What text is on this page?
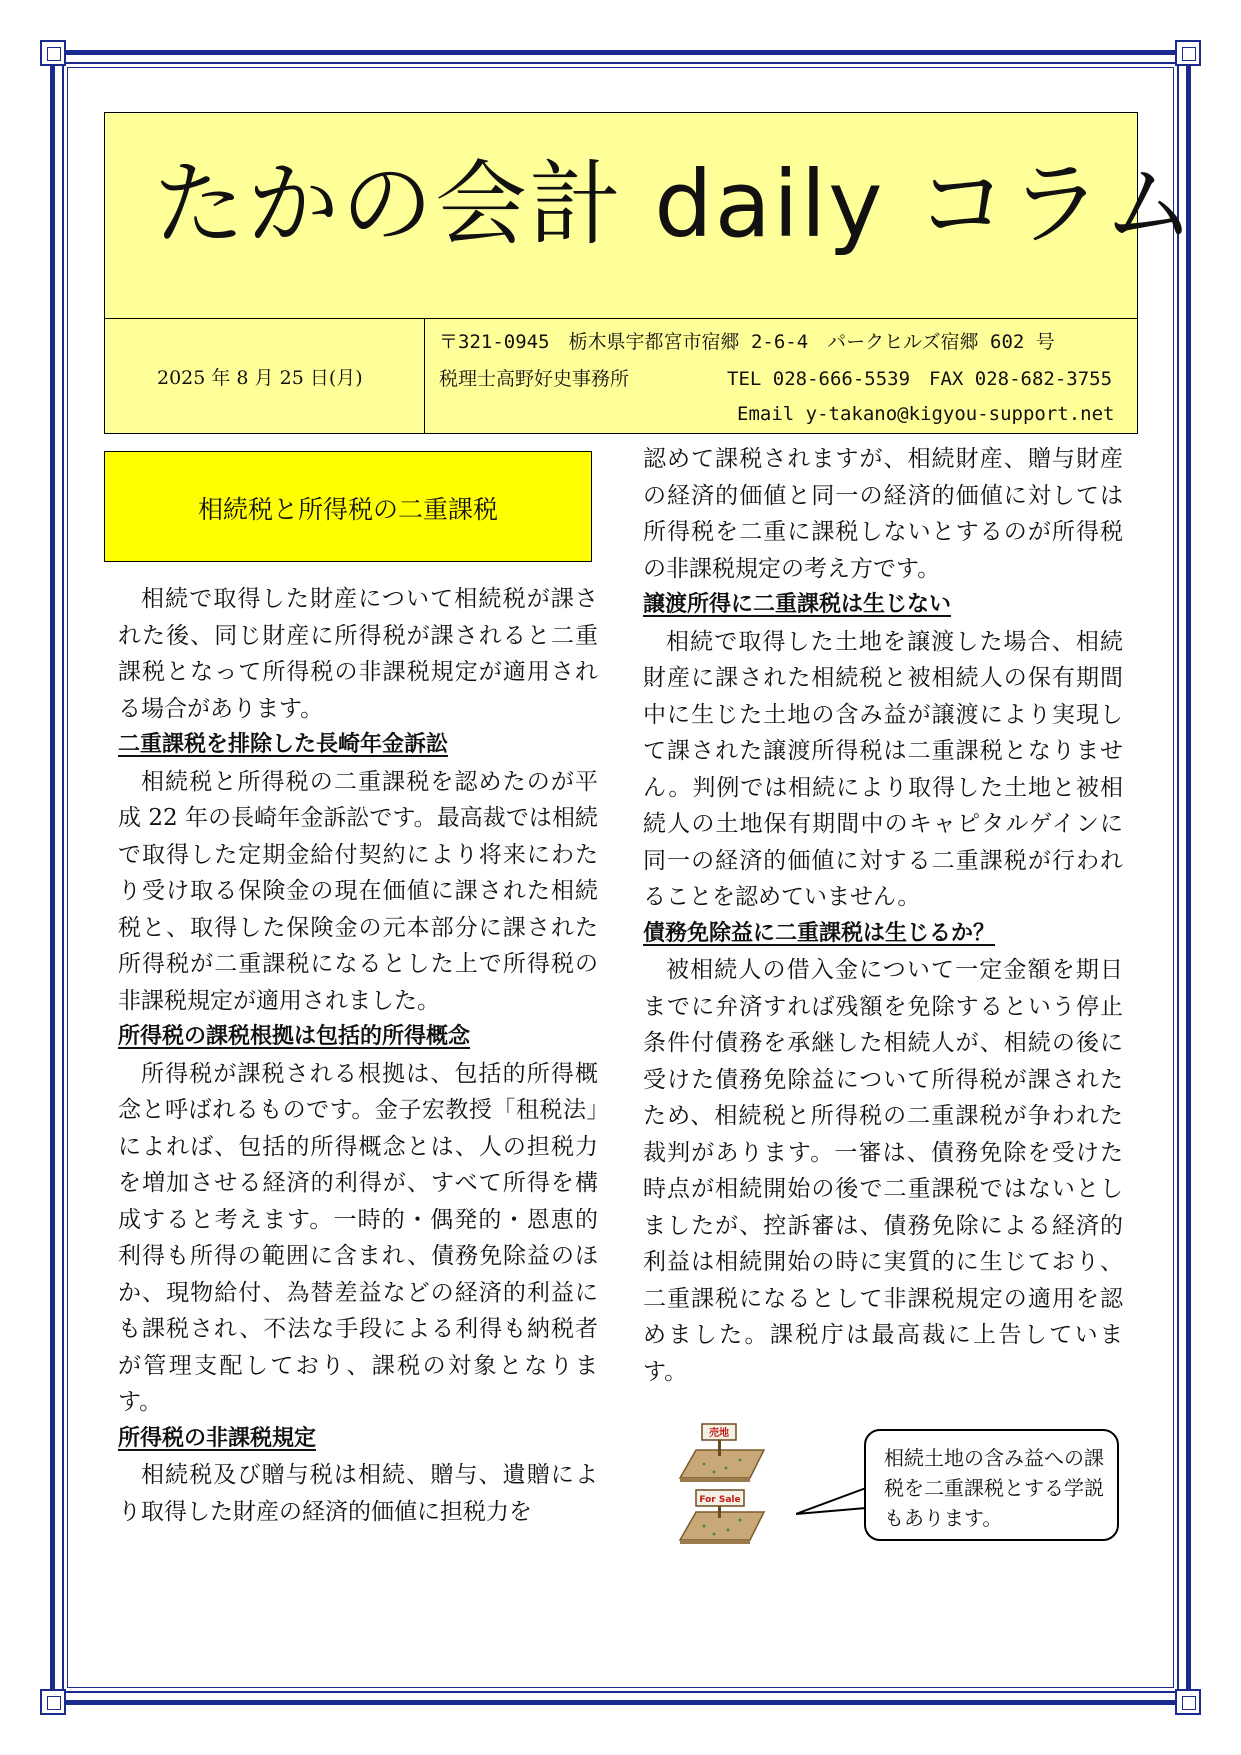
たかの会計 daily コラム
2025 年 8 月 25 日(月)
〒321-0945　栃木県宇都宮市宿郷 2-6-4　パークヒルズ宿郷 602 号
税理士高野好史事務所	TEL 028-666-5539　FAX 028-682-3755
Email y-takano@kigyou-support.net
相続税と所得税の二重課税

相続で取得した財産について相続税が課された後、同じ財産に所得税が課されると二重課税となって所得税の非課税規定が適用される場合があります。

二重課税を排除した長崎年金訴訟

相続税と所得税の二重課税を認めたのが平成 22 年の長崎年金訴訟です。最高裁では相続で取得した定期金給付契約により将来にわたり受け取る保険金の現在価値に課された相続税と、取得した保険金の元本部分に課された所得税が二重課税になるとした上で所得税の非課税規定が適用されました。

所得税の課税根拠は包括的所得概念

所得税が課税される根拠は、包括的所得概念と呼ばれるものです。金子宏教授「租税法」によれば、包括的所得概念とは、人の担税力を増加させる経済的利得が、すべて所得を構成すると考えます。一時的・偶発的・恩恵的利得も所得の範囲に含まれ、債務免除益のほか、現物給付、為替差益などの経済的利益にも課税され、不法な手段による利得も納税者が管理支配しており、課税の対象となります。

所得税の非課税規定

相続税及び贈与税は相続、贈与、遺贈により取得した財産の経済的価値に担税力を

認めて課税されますが、相続財産、贈与財産の経済的価値と同一の経済的価値に対しては所得税を二重に課税しないとするのが所得税の非課税規定の考え方です。

譲渡所得に二重課税は生じない

相続で取得した土地を譲渡した場合、相続財産に課された相続税と被相続人の保有期間中に生じた土地の含み益が譲渡により実現して課された譲渡所得税は二重課税となりません。判例では相続により取得した土地と被相続人の土地保有期間中のキャピタルゲインに同一の経済的価値に対する二重課税が行われることを認めていません。

債務免除益に二重課税は生じるか？

被相続人の借入金について一定金額を期日までに弁済すれば残額を免除するという停止条件付債務を承継した相続人が、相続の後に受けた債務免除益について所得税が課されたため、相続税と所得税の二重課税が争われた裁判があります。一審は、債務免除を受けた時点が相続開始の後で二重課税ではないとしましたが、控訴審は、債務免除による経済的利益は相続開始の時に実質的に生じており、二重課税になるとして非課税規定の適用を認めました。課税庁は最高裁に上告しています。

売地
For Sale
相続土地の含み益への課税を二重課税とする学説もあります。
